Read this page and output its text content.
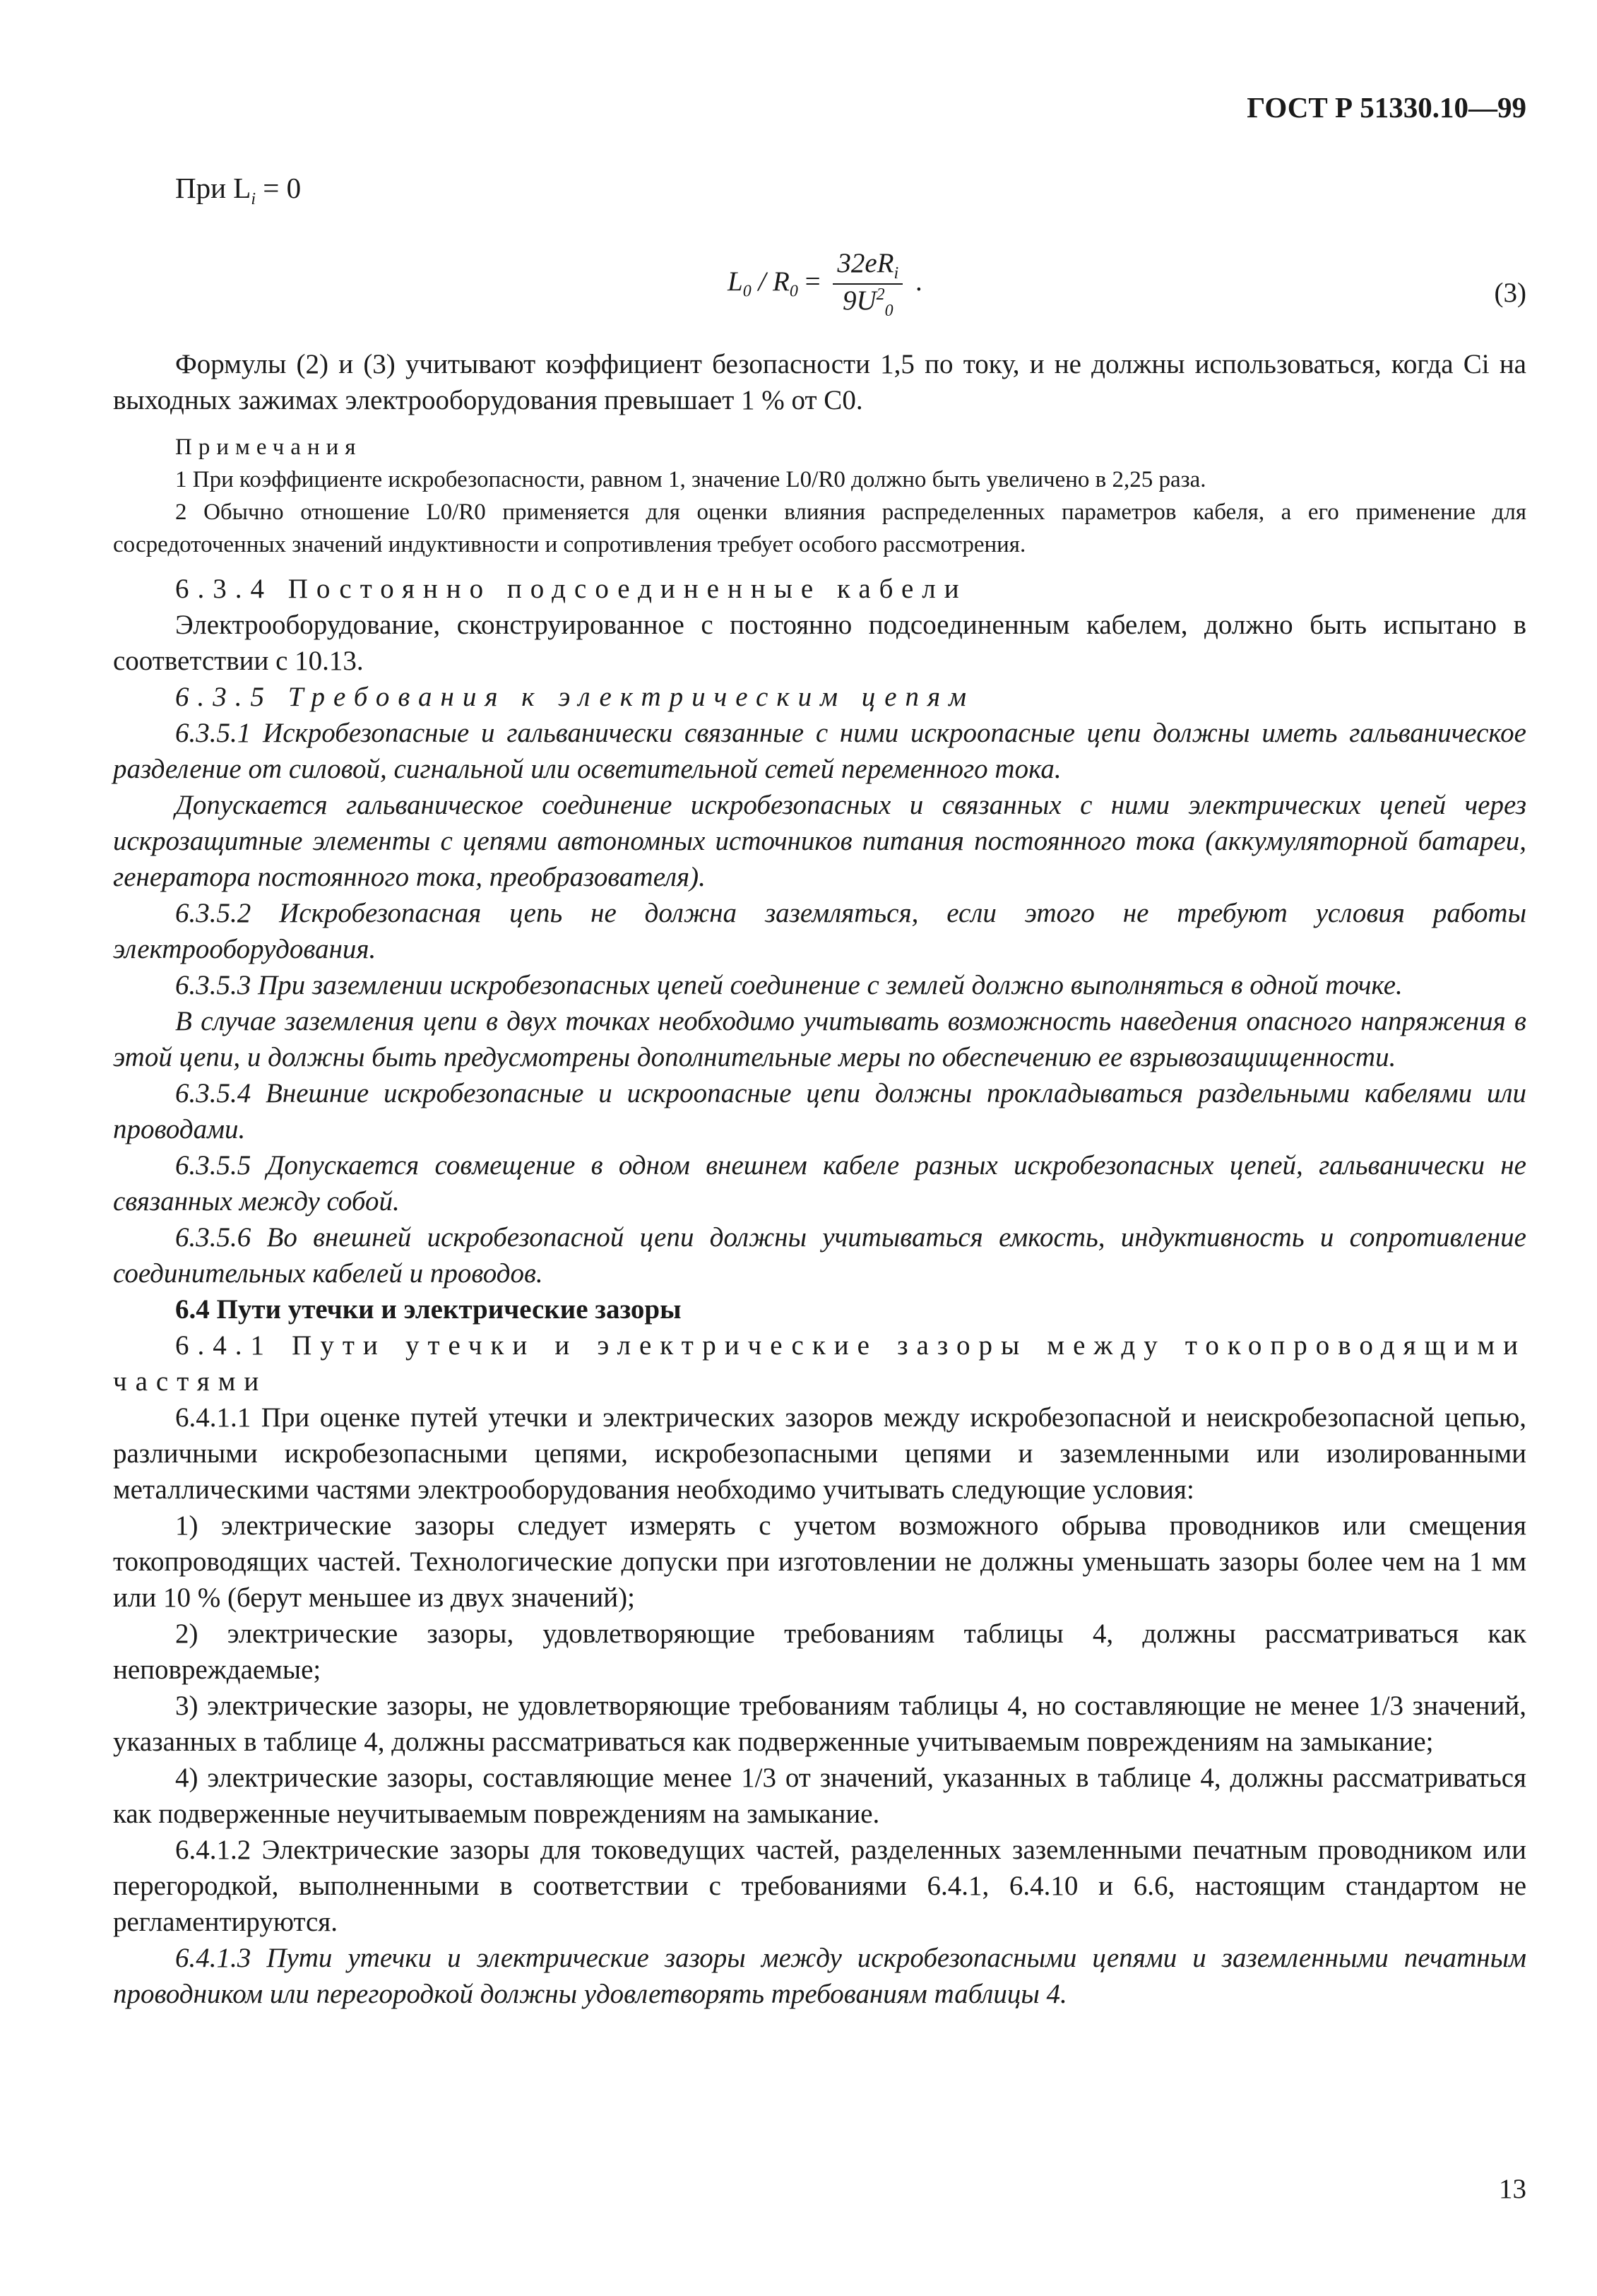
ГОСТ Р 51330.10—99
При $L_i = 0$
$L_0 / R_0 = \frac{32eR_i}{9U^2_0}$ .	(3)

Формулы (2) и (3) учитывают коэффициент безопасности 1,5 по току, и не должны использоваться, когда Ci на выходных зажимах электрооборудования превышает 1 % от C0.

Примечания

1 При коэффициенте искробезопасности, равном 1, значение L0/R0 должно быть увеличено в 2,25 раза.

2 Обычно отношение L0/R0 применяется для оценки влияния распределенных параметров кабеля, а его применение для сосредоточенных значений индуктивности и сопротивления требует особого рассмотрения.

6.3.4 Постоянно подсоединенные кабели

Электрооборудование, сконструированное с постоянно подсоединенным кабелем, должно быть испытано в соответствии с 10.13.

6.3.5 Требования к электрическим цепям

6.3.5.1 Искробезопасные и гальванически связанные с ними искроопасные цепи должны иметь гальваническое разделение от силовой, сигнальной или осветительной сетей переменного тока.

Допускается гальваническое соединение искробезопасных и связанных с ними электрических цепей через искрозащитные элементы с цепями автономных источников питания постоянного тока (аккумуляторной батареи, генератора постоянного тока, преобразователя).

6.3.5.2 Искробезопасная цепь не должна заземляться, если этого не требуют условия работы электрооборудования.

6.3.5.3 При заземлении искробезопасных цепей соединение с землей должно выполняться в одной точке.

В случае заземления цепи в двух точках необходимо учитывать возможность наведения опасного напряжения в этой цепи, и должны быть предусмотрены дополнительные меры по обеспечению ее взрывозащищенности.

6.3.5.4 Внешние искробезопасные и искроопасные цепи должны прокладываться раздельными кабелями или проводами.

6.3.5.5 Допускается совмещение в одном внешнем кабеле разных искробезопасных цепей, гальванически не связанных между собой.

6.3.5.6 Во внешней искробезопасной цепи должны учитываться емкость, индуктивность и сопротивление соединительных кабелей и проводов.

6.4 Пути утечки и электрические зазоры

6.4.1 Пути утечки и электрические зазоры между токопроводящими частями

6.4.1.1 При оценке путей утечки и электрических зазоров между искробезопасной и неискробезопасной цепью, различными искробезопасными цепями, искробезопасными цепями и заземленными или изолированными металлическими частями электрооборудования необходимо учитывать следующие условия:

1) электрические зазоры следует измерять с учетом возможного обрыва проводников или смещения токопроводящих частей. Технологические допуски при изготовлении не должны уменьшать зазоры более чем на 1 мм или 10 % (берут меньшее из двух значений);

2) электрические зазоры, удовлетворяющие требованиям таблицы 4, должны рассматриваться как неповреждаемые;

3) электрические зазоры, не удовлетворяющие требованиям таблицы 4, но составляющие не менее 1/3 значений, указанных в таблице 4, должны рассматриваться как подверженные учитываемым повреждениям на замыкание;

4) электрические зазоры, составляющие менее 1/3 от значений, указанных в таблице 4, должны рассматриваться как подверженные неучитываемым повреждениям на замыкание.

6.4.1.2 Электрические зазоры для токоведущих частей, разделенных заземленными печатным проводником или перегородкой, выполненными в соответствии с требованиями 6.4.1, 6.4.10 и 6.6, настоящим стандартом не регламентируются.

6.4.1.3 Пути утечки и электрические зазоры между искробезопасными цепями и заземленными печатным проводником или перегородкой должны удовлетворять требованиям таблицы 4.

13
